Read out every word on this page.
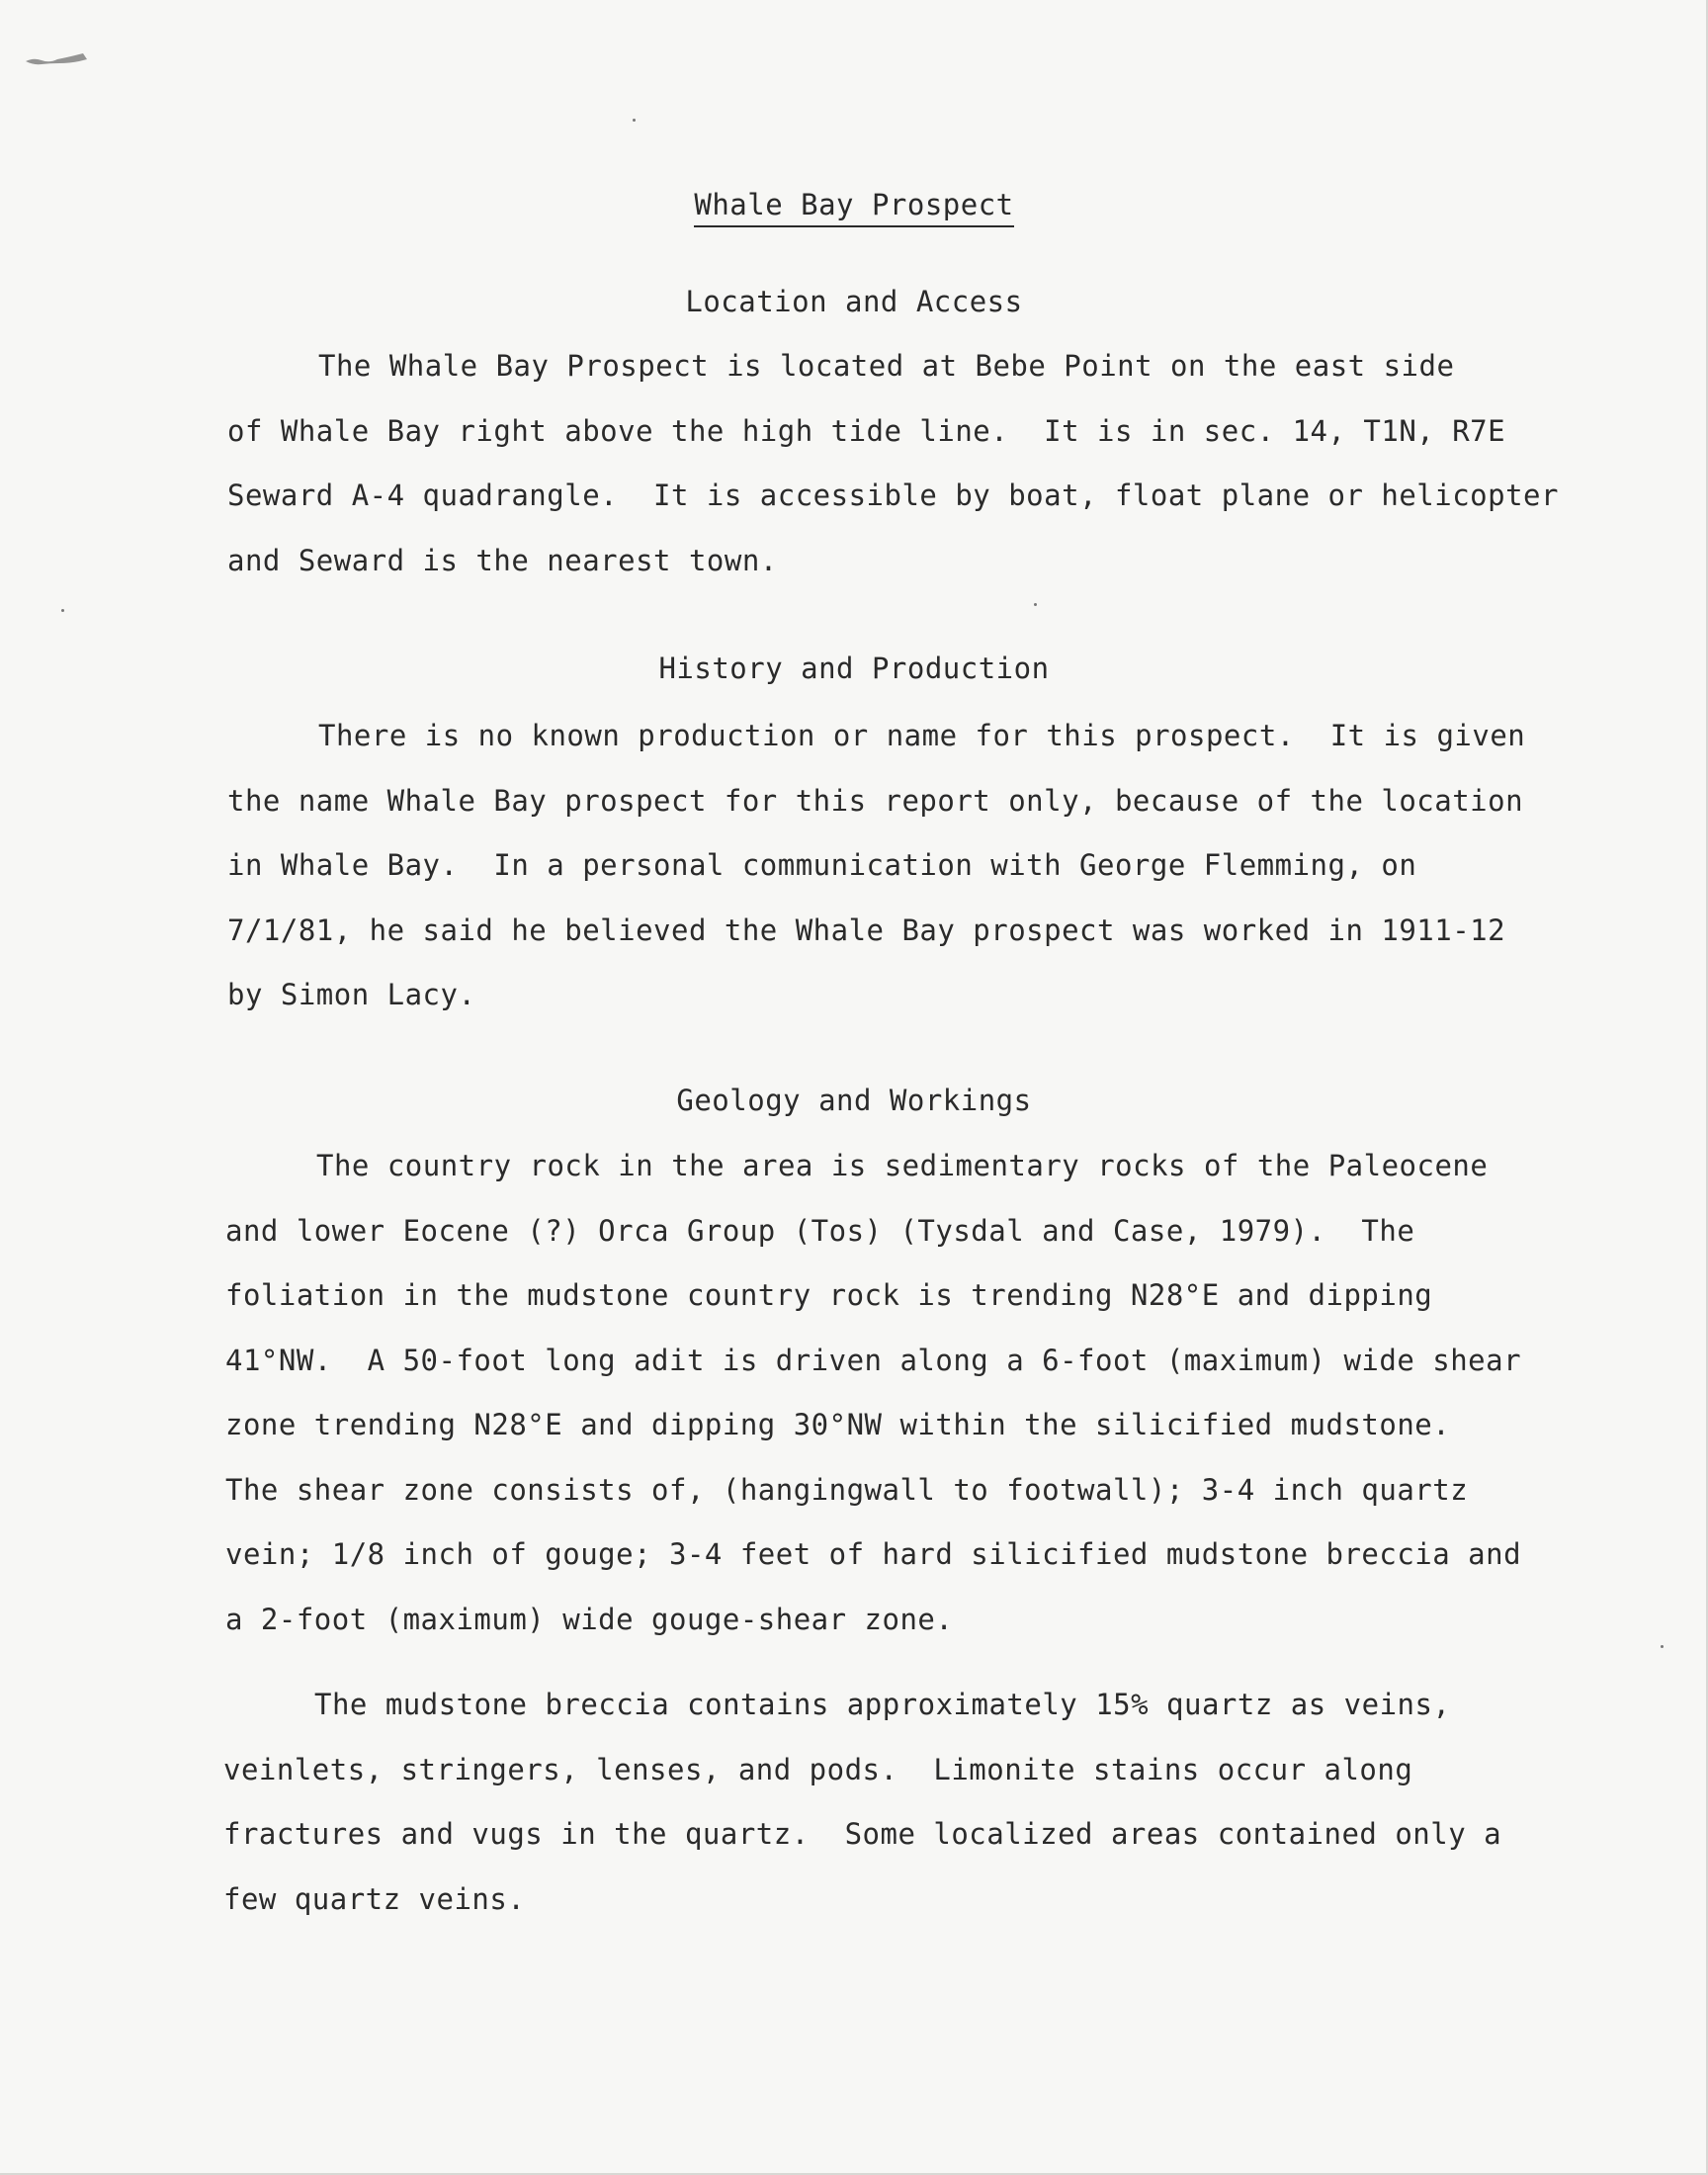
Whale Bay Prospect
Location and Access
The Whale Bay Prospect is located at Bebe Point on the east side
of Whale Bay right above the high tide line.  It is in sec. 14, T1N, R7E
Seward A-4 quadrangle.  It is accessible by boat, float plane or helicopter
and Seward is the nearest town.
History and Production
There is no known production or name for this prospect.  It is given
the name Whale Bay prospect for this report only, because of the location
in Whale Bay.  In a personal communication with George Flemming, on
7/1/81, he said he believed the Whale Bay prospect was worked in 1911-12
by Simon Lacy.
Geology and Workings
The country rock in the area is sedimentary rocks of the Paleocene
and lower Eocene (?) Orca Group (Tos) (Tysdal and Case, 1979).  The
foliation in the mudstone country rock is trending N28°E and dipping
41°NW.  A 50-foot long adit is driven along a 6-foot (maximum) wide shear
zone trending N28°E and dipping 30°NW within the silicified mudstone.
The shear zone consists of, (hangingwall to footwall); 3-4 inch quartz
vein; 1/8 inch of gouge; 3-4 feet of hard silicified mudstone breccia and
a 2-foot (maximum) wide gouge-shear zone.
The mudstone breccia contains approximately 15% quartz as veins,
veinlets, stringers, lenses, and pods.  Limonite stains occur along
fractures and vugs in the quartz.  Some localized areas contained only a
few quartz veins.
